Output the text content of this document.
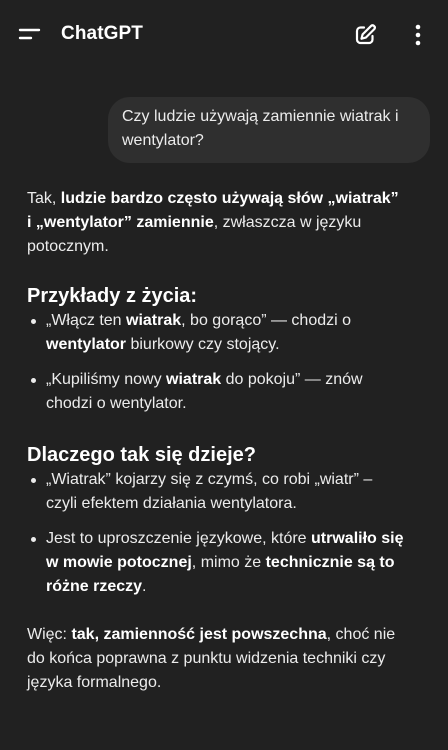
ChatGPT
Czy ludzie używają zamiennie wiatrak i wentylator?

Tak, ludzie bardzo często używają słów „wiatrak” i „wentylator” zamiennie, zwłaszcza w języku potocznym.

Przykłady z życia:
„Włącz ten wiatrak, bo gorąco” — chodzi o wentylator biurkowy czy stojący.
„Kupiliśmy nowy wiatrak do pokoju” — znów chodzi o wentylator.
Dlaczego tak się dzieje?
„Wiatrak” kojarzy się z czymś, co robi „wiatr” – czyli efektem działania wentylatora.
Jest to uproszczenie językowe, które utrwaliło się w mowie potocznej, mimo że technicznie są to różne rzeczy.

Więc: tak, zamienność jest powszechna, choć nie do końca poprawna z punktu widzenia techniki czy języka formalnego.
